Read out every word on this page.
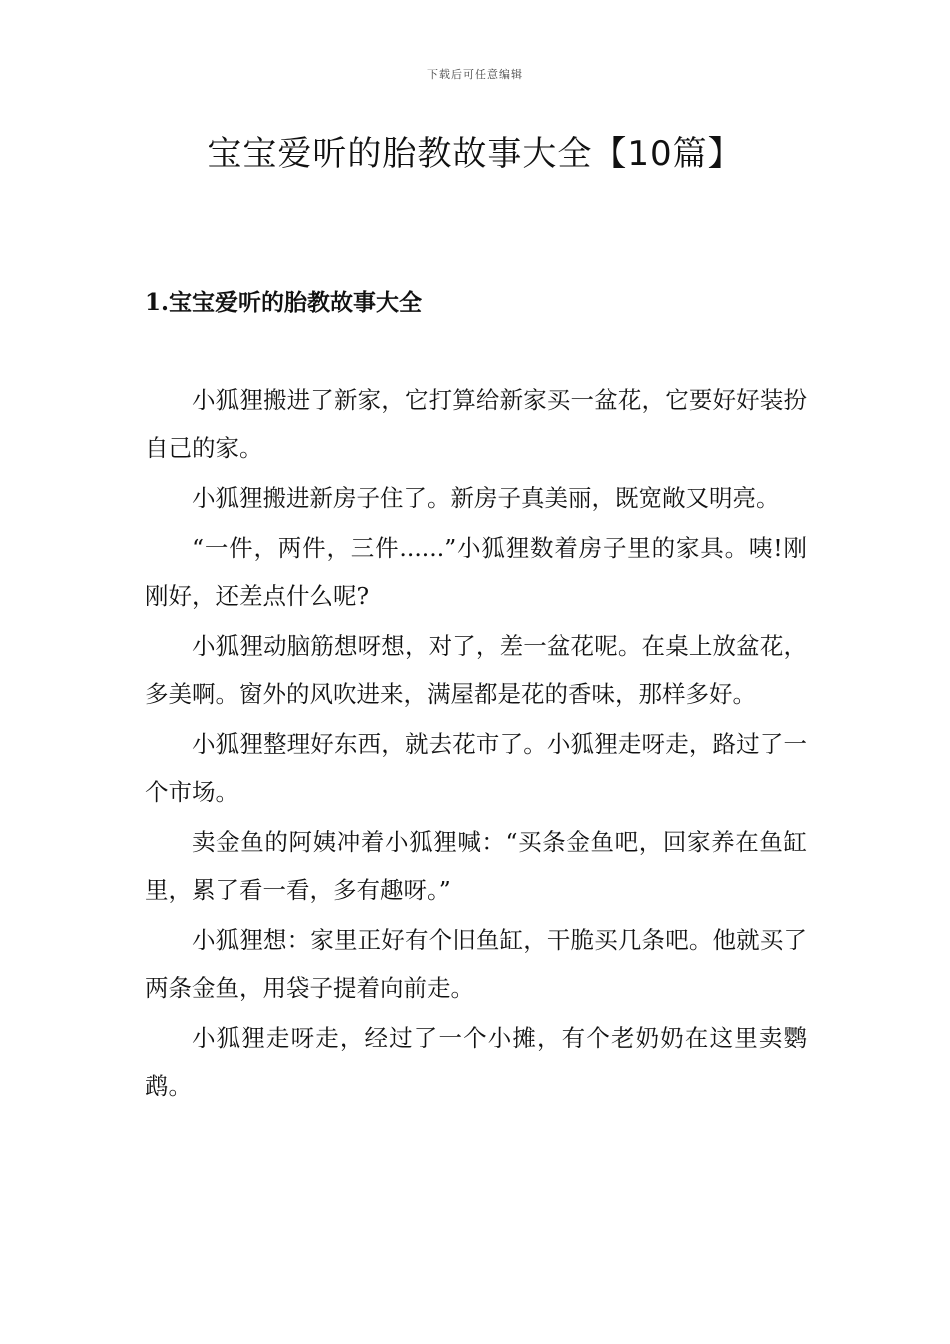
下载后可任意编辑
宝宝爱听的胎教故事大全【10篇】
1.宝宝爱听的胎教故事大全

小狐狸搬进了新家，它打算给新家买一盆花，它要好好装扮自己的家。

小狐狸搬进新房子住了。新房子真美丽，既宽敞又明亮。

“一件，两件，三件......”小狐狸数着房子里的家具。咦!刚刚好，还差点什么呢?

小狐狸动脑筋想呀想，对了，差一盆花呢。在桌上放盆花，多美啊。窗外的风吹进来，满屋都是花的香味，那样多好。

小狐狸整理好东西，就去花市了。小狐狸走呀走，路过了一个市场。

卖金鱼的阿姨冲着小狐狸喊：“买条金鱼吧，回家养在鱼缸里，累了看一看，多有趣呀。”

小狐狸想：家里正好有个旧鱼缸，干脆买几条吧。他就买了两条金鱼，用袋子提着向前走。

小狐狸走呀走，经过了一个小摊，有个老奶奶在这里卖鹦鹉。
